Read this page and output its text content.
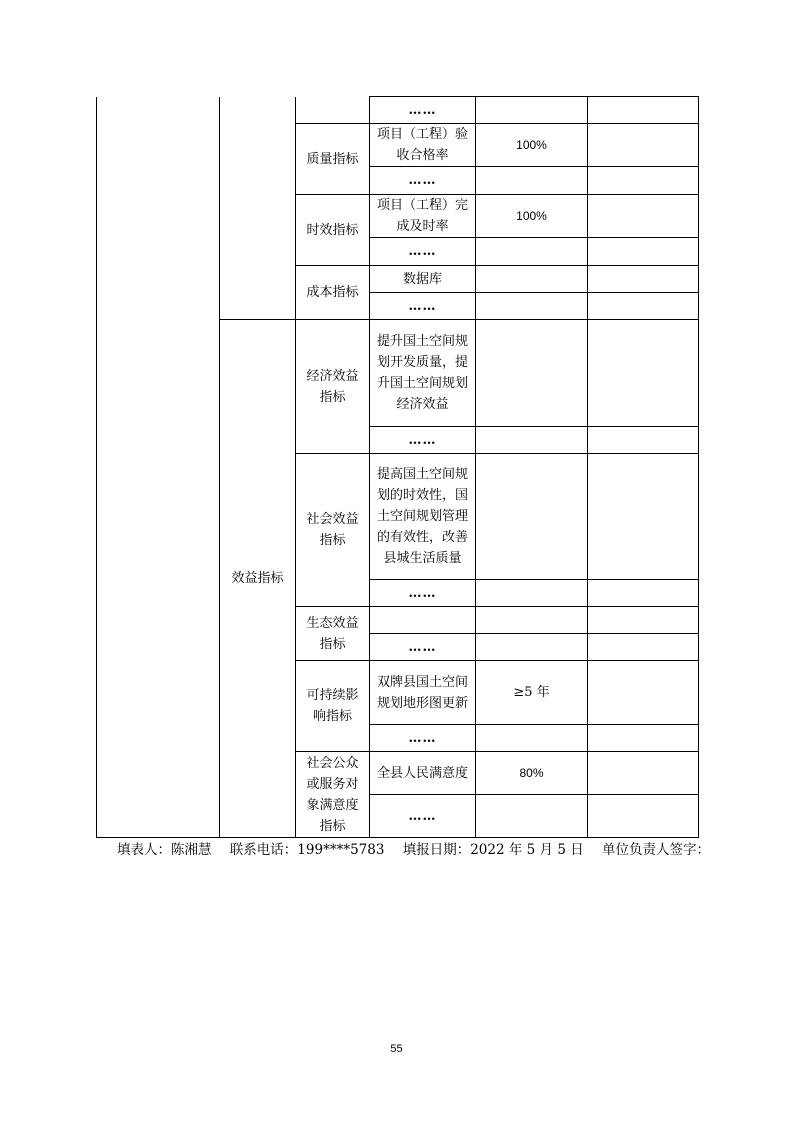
			……		
		质量指标	项目（工程）验收合格率	100%	
			……		
		时效指标	项目（工程）完成及时率	100%	
			……		
		成本指标	数据库		
			……		
	效益指标	经济效益指标	提升国土空间规划开发质量，提升国土空间规划经济效益		
			……		

		社会效益指标	提高国土空间规划的时效性，国土空间规划管理的有效性，改善县城生活质量		
			……		

		生态效益指标			

			……		

		可持续影响指标	双牌县国土空间规划地形图更新	≥5 年	
			……		

		社会公众或服务对象满意度指标	全县人民满意度	80%	
			……		
填表人：陈湘慧 联系电话：199****5783 填报日期：2022 年 5 月 5 日 单位负责人签字：
55
